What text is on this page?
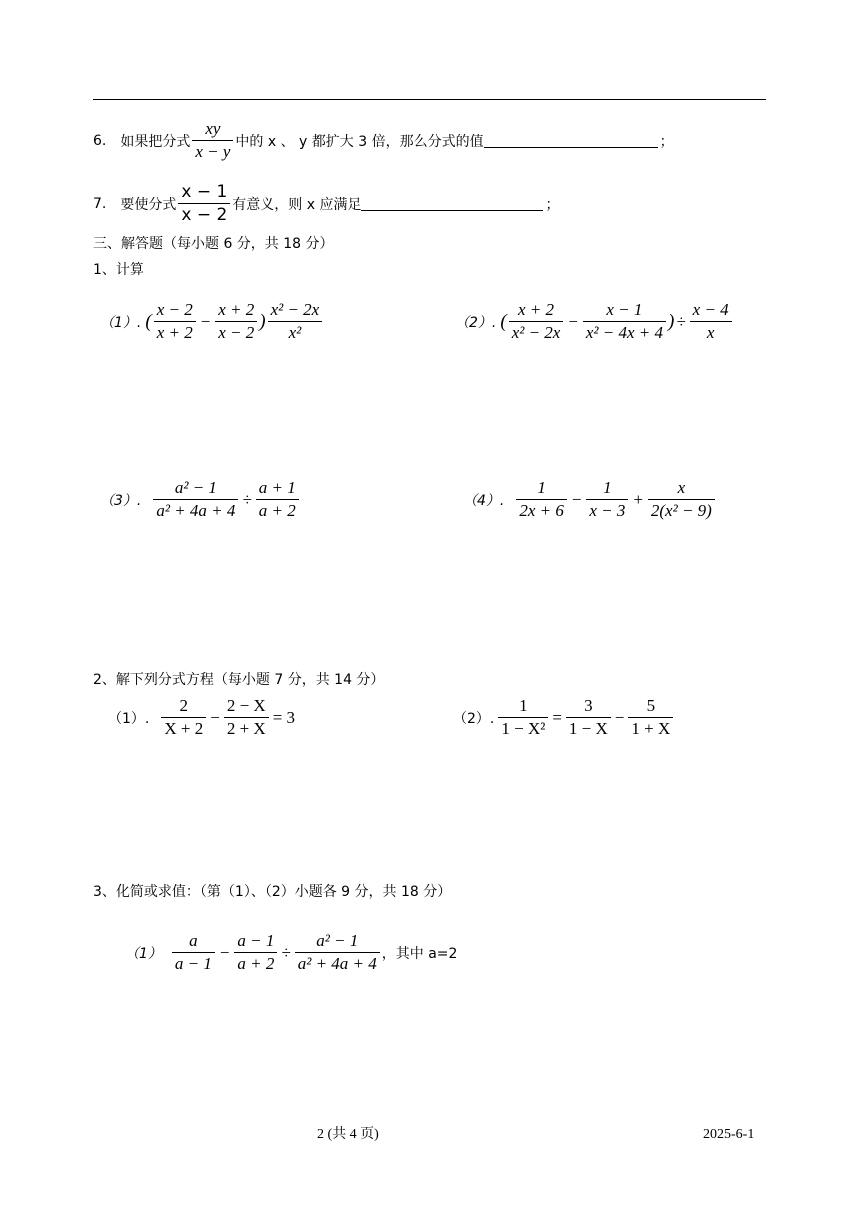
6. 如果把分式 $\frac{xy}{x - y}$ 中的 x 、 y 都扩大 3 倍，那么分式的值	；
7. 要使分式 $\frac{x - 1}{x - 2}$ 有意义，则 x 应满足	；
三、解答题（每小题 6 分，共 18 分）
1、计算
（1）. ( $\frac{x - 2}{x + 2} - \frac{x + 2}{x - 2}$ ) $\frac{\text{x² − 2x}}{\text{x²}}$	（2）. ( $\frac{x + 2}{\text{x² − 2x}} - \frac{x - 1}{\text{x² − 4x + 4}}$ ) ÷ $\frac{x - 4}{x}$
（3）. $\frac{\text{a² − 1}}{\text{a² + 4a + 4}} \div \frac{a + 1}{a + 2}$	（4）. $\frac{1}{2x + 6} - \frac{1}{x - 3} + \frac{x}{\text{2(x² − 9)}}$
2、解下列分式方程（每小题 7 分，共 14 分）
（1）. $\frac{2}{X + 2} - \frac{2 - X}{2 + X} = 3$	（2）. $\frac{1}{\text{1 − X²}} = \frac{3}{1 - X} - \frac{5}{1 + X}$
3、化简或求值：（第（1）、（2）小题各 9 分，共 18 分）
$(1) \frac{a}{a - 1} - \frac{a - 1}{a + 2} \div \frac{\text{a² − 1}}{\text{a² + 4a + 4}}$ ，其中 a=2
2 (共 4 页)	2025-6-1
